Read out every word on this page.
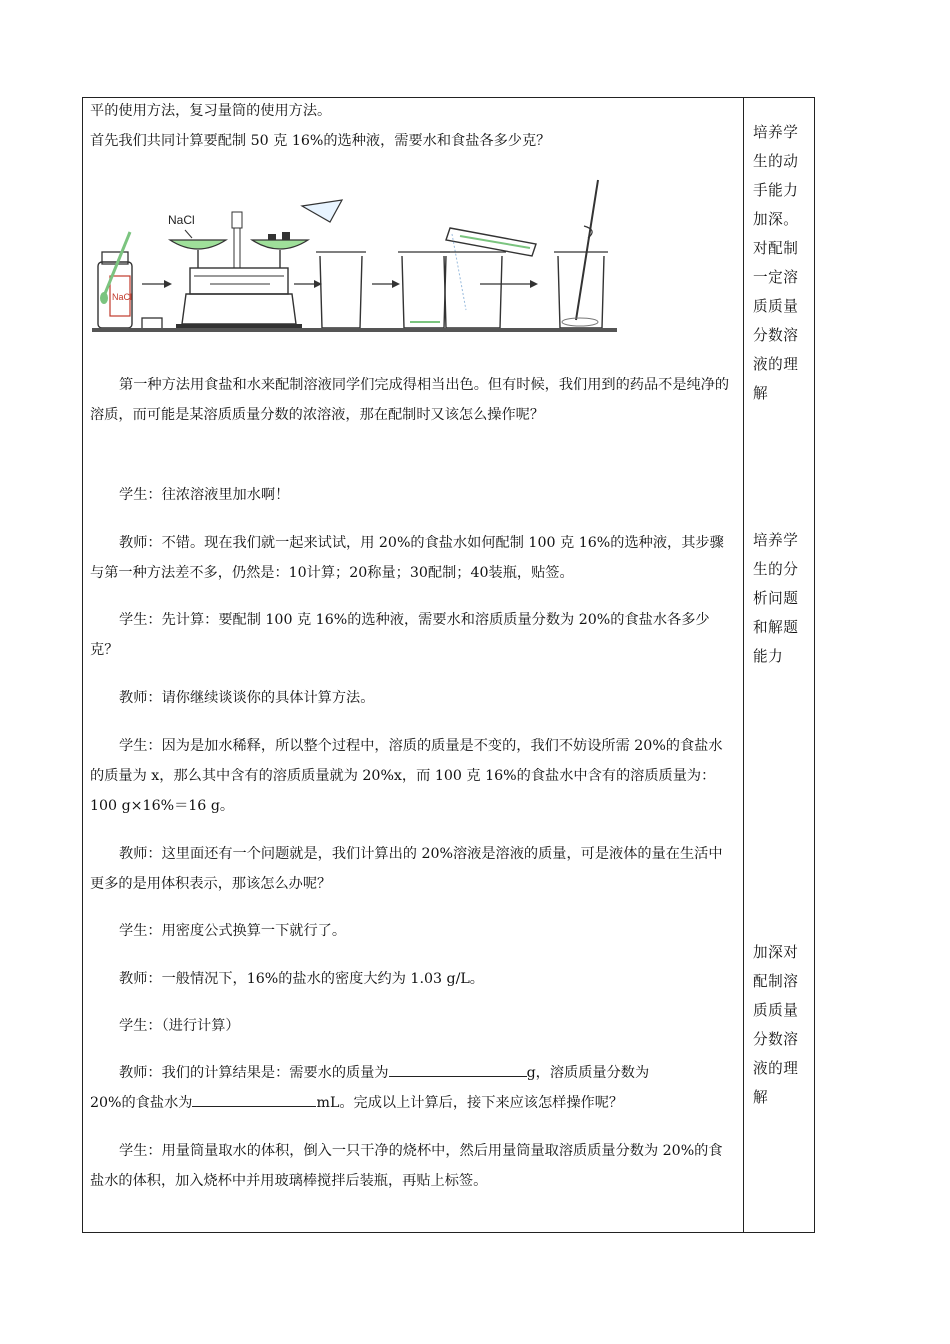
平的使用方法，复习量筒的使用方法。
首先我们共同计算要配制 50 克 16%的选种液，需要水和食盐各多少克？
NaCl
NaCl
第一种方法用食盐和水来配制溶液同学们完成得相当出色。但有时候，我们用到的药品不是纯净的溶质，而可能是某溶质质量分数的浓溶液，那在配制时又该怎么操作呢？
学生：往浓溶液里加水啊！
教师：不错。现在我们就一起来试试，用 20%的食盐水如何配制 100 克 16%的选种液，其步骤与第一种方法差不多，仍然是：10计算；20称量；30配制；40装瓶，贴签。
学生：先计算：要配制 100 克 16%的选种液，需要水和溶质质量分数为 20%的食盐水各多少克？
教师：请你继续谈谈你的具体计算方法。
学生：因为是加水稀释，所以整个过程中，溶质的质量是不变的，我们不妨设所需 20%的食盐水的质量为 x，那么其中含有的溶质质量就为 20%x，而 100 克 16%的食盐水中含有的溶质质量为：100 g×16%＝16 g。
教师：这里面还有一个问题就是，我们计算出的 20%溶液是溶液的质量，可是液体的量在生活中更多的是用体积表示，那该怎么办呢？
学生：用密度公式换算一下就行了。
教师：一般情况下，16%的盐水的密度大约为 1.03 g/L。
学生：（进行计算）
教师：我们的计算结果是：需要水的质量为	g，溶质质量分数为
20%的食盐水为	mL。完成以上计算后，接下来应该怎样操作呢？
学生：用量筒量取水的体积，倒入一只干净的烧杯中，然后用量筒量取溶质质量分数为 20%的食盐水的体积，加入烧杯中并用玻璃棒搅拌后装瓶，再贴上标签。
培养学
生的动
手能力
加深。
对配制
一定溶
质质量
分数溶
液的理
解
培养学
生的分
析问题
和解题
能力
加深对
配制溶
质质量
分数溶
液的理
解
